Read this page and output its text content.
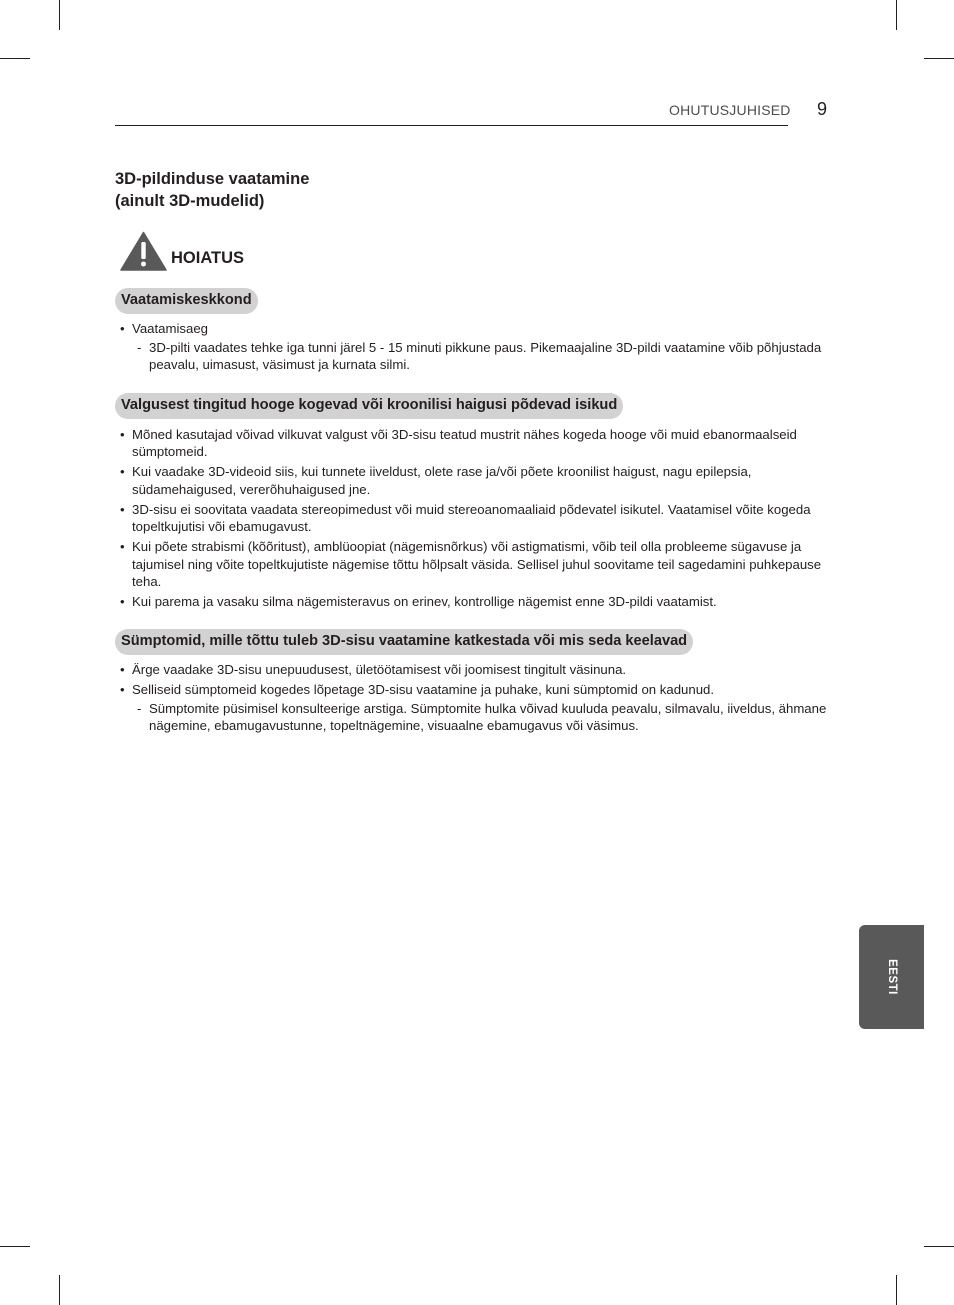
OHUTUSJUHISED 9
3D-pildinduse vaatamine
(ainult 3D-mudelid)
HOIATUS
Vaatamiskeskkond
• Vaatamisaeg
- 3D-pilti vaadates tehke iga tunni järel 5 - 15 minuti pikkune paus. Pikemaajaline 3D-pildi vaatamine võib põhjustada peavalu, uimasust, väsimust ja kurnata silmi.
Valgusest tingitud hooge kogevad või kroonilisi haigusi põdevad isikud
• Mõned kasutajad võivad vilkuvat valgust või 3D-sisu teatud mustrit nähes kogeda hooge või muid ebanormaalseid sümptomeid.
• Kui vaadake 3D-videoid siis, kui tunnete iiveldust, olete rase ja/või põete kroonilist haigust, nagu epilepsia, südamehaigused, vererõhuhaigused jne.
• 3D-sisu ei soovitata vaadata stereopimedust või muid stereoanomaaliaid põdevatel isikutel. Vaatamisel võite kogeda topeltkujutisi või ebamugavust.
• Kui põete strabismi (kõõritust), amblüoopiat (nägemisnõrkus) või astigmatismi, võib teil olla probleeme sügavuse ja tajumisel ning võite topeltkujutiste nägemise tõttu hõlpsalt väsida. Sellisel juhul soovitame teil sagedamini puhkepause teha.
• Kui parema ja vasaku silma nägemisteravus on erinev, kontrollige nägemist enne 3D-pildi vaatamist.
Sümptomid, mille tõttu tuleb 3D-sisu vaatamine katkestada või mis seda keelavad
• Ärge vaadake 3D-sisu unepuudusest, ületöötamisest või joomisest tingitult väsinuna.
• Selliseid sümptomeid kogedes lõpetage 3D-sisu vaatamine ja puhake, kuni sümptomid on kadunud.
- Sümptomite püsimisel konsulteerige arstiga. Sümptomite hulka võivad kuuluda peavalu, silmavalu, iiveldus, ähmane nägemine, ebamugavustunne, topeltnägemine, visuaalne ebamugavus või väsimus.
EESTI
